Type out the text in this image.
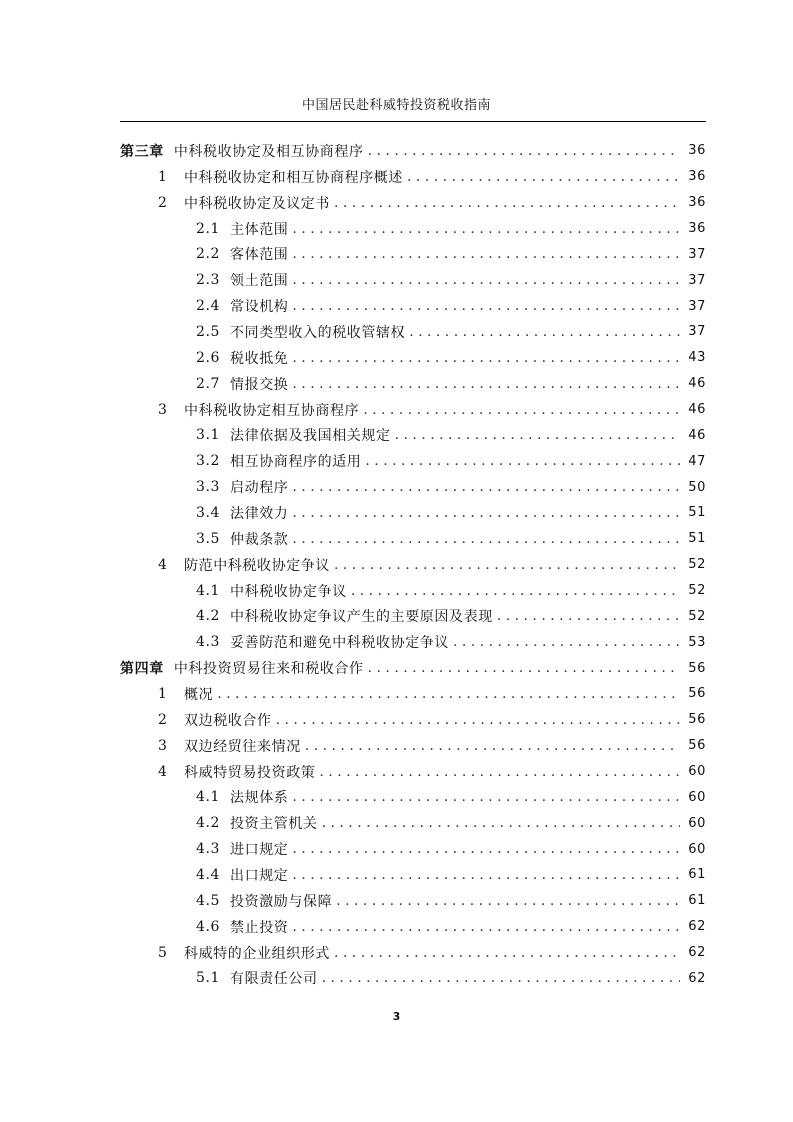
中国居民赴科威特投资税收指南
第三章 中科税收协定及相互协商程序 . . .	36
1	中科税收协定和相互协商程序概述 . . .	36
2	中科税收协定及议定书 . . .	36
2.1 主体范围 . . .	36
2.2 客体范围 . . .	37
2.3 领土范围 . . .	37
2.4 常设机构 . . .	37
2.5 不同类型收入的税收管辖权 . . .	37
2.6 税收抵免 . . .	43
2.7 情报交换 . . .	46
3	中科税收协定相互协商程序 . . .	46
3.1 法律依据及我国相关规定 . . .	46
3.2 相互协商程序的适用 . . .	47
3.3 启动程序 . . .	50
3.4 法律效力 . . .	51
3.5 仲裁条款 . . .	51
4	防范中科税收协定争议 . . .	52
4.1 中科税收协定争议 . . .	52
4.2 中科税收协定争议产生的主要原因及表现 . . .	52
4.3 妥善防范和避免中科税收协定争议 . . .	53
第四章 中科投资贸易往来和税收合作 . . .	56
1	概况 . . .	56
2	双边税收合作 . . .	56
3	双边经贸往来情况 . . .	56
4	科威特贸易投资政策 . . .	60
4.1 法规体系 . . .	60
4.2 投资主管机关 . . .	60
4.3 进口规定 . . .	60
4.4 出口规定 . . .	61
4.5 投资激励与保障 . . .	61
4.6 禁止投资 . . .	62
5	科威特的企业组织形式 . . .	62
5.1 有限责任公司 . . .	62
3
